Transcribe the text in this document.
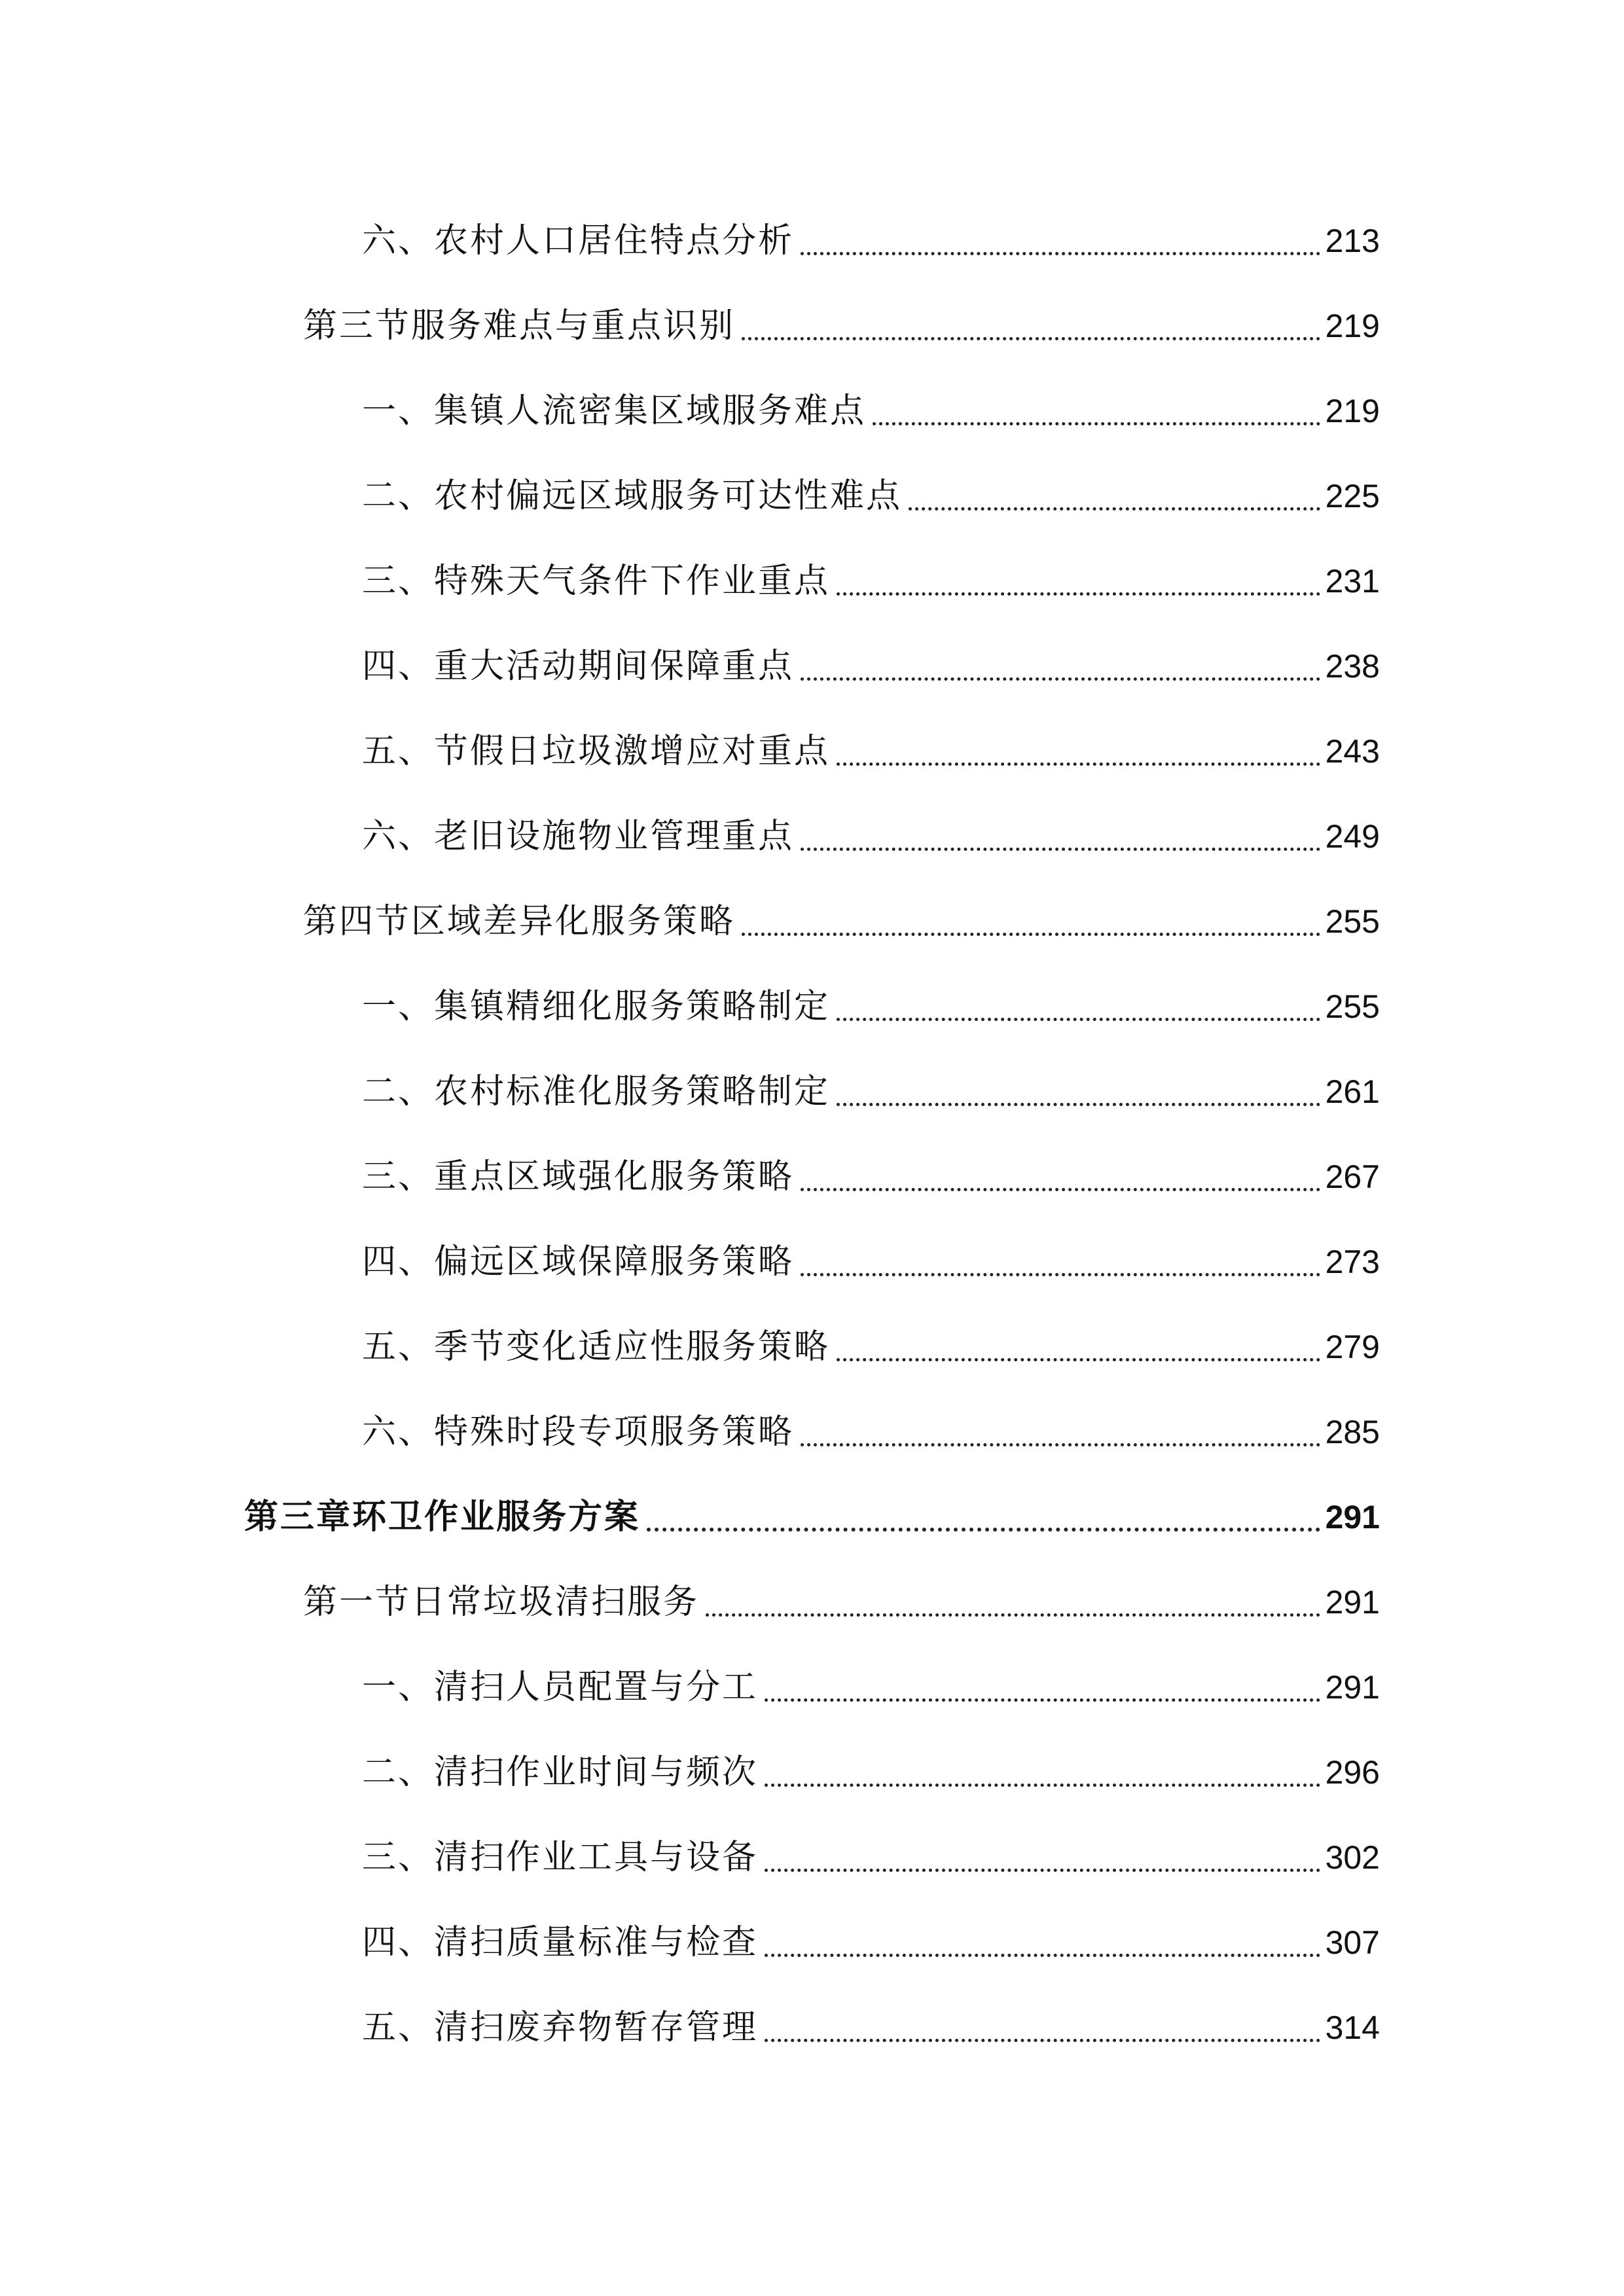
六、农村人口居住特点分析	213
第三节服务难点与重点识别	219
一、集镇人流密集区域服务难点	219
二、农村偏远区域服务可达性难点	225
三、特殊天气条件下作业重点	231
四、重大活动期间保障重点	238
五、节假日垃圾激增应对重点	243
六、老旧设施物业管理重点	249
第四节区域差异化服务策略	255
一、集镇精细化服务策略制定	255
二、农村标准化服务策略制定	261
三、重点区域强化服务策略	267
四、偏远区域保障服务策略	273
五、季节变化适应性服务策略	279
六、特殊时段专项服务策略	285
第三章环卫作业服务方案	291
第一节日常垃圾清扫服务	291
一、清扫人员配置与分工	291
二、清扫作业时间与频次	296
三、清扫作业工具与设备	302
四、清扫质量标准与检查	307
五、清扫废弃物暂存管理	314
